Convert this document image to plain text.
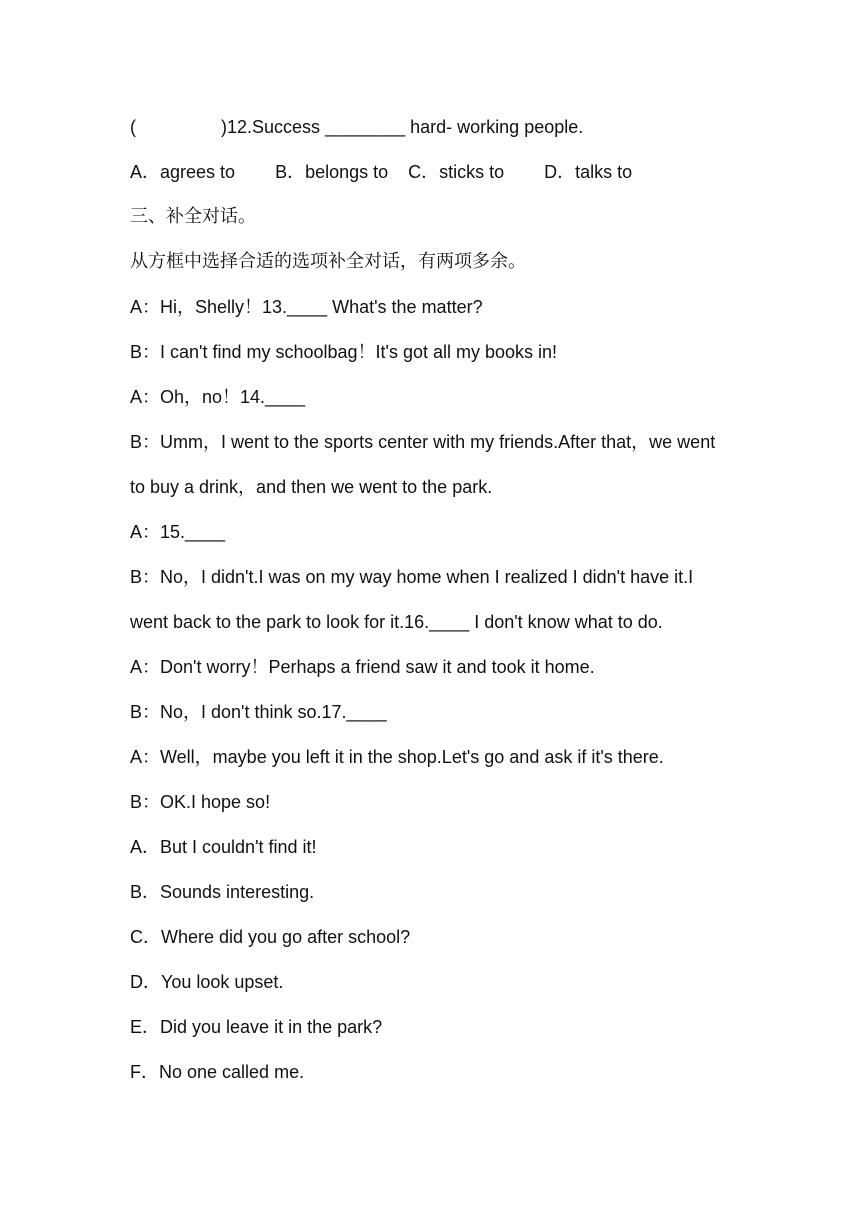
(                 )12.Success ________ hard- working people.
A．agrees to        B．belongs to    C．sticks to        D．talks to
三、补全对话。
从方框中选择合适的选项补全对话，有两项多余。
A：Hi，Shelly！13.____ What's the matter?
B：I can't find my schoolbag！It's got all my books in!
A：Oh，no！14.____
B：Umm，I went to the sports center with my friends.After that，we went
to buy a drink，and then we went to the park.
A：15.____
B：No，I didn't.I was on my way home when I realized I didn't have it.I
went back to the park to look for it.16.____ I don't know what to do.
A：Don't worry！Perhaps a friend saw it and took it home.
B：No，I don't think so.17.____
A：Well，maybe you left it in the shop.Let's go and ask if it's there.
B：OK.I hope so!
A．But I couldn't find it!
B．Sounds interesting.
C．Where did you go after school?
D．You look upset.
E．Did you leave it in the park?
F．No one called me.
